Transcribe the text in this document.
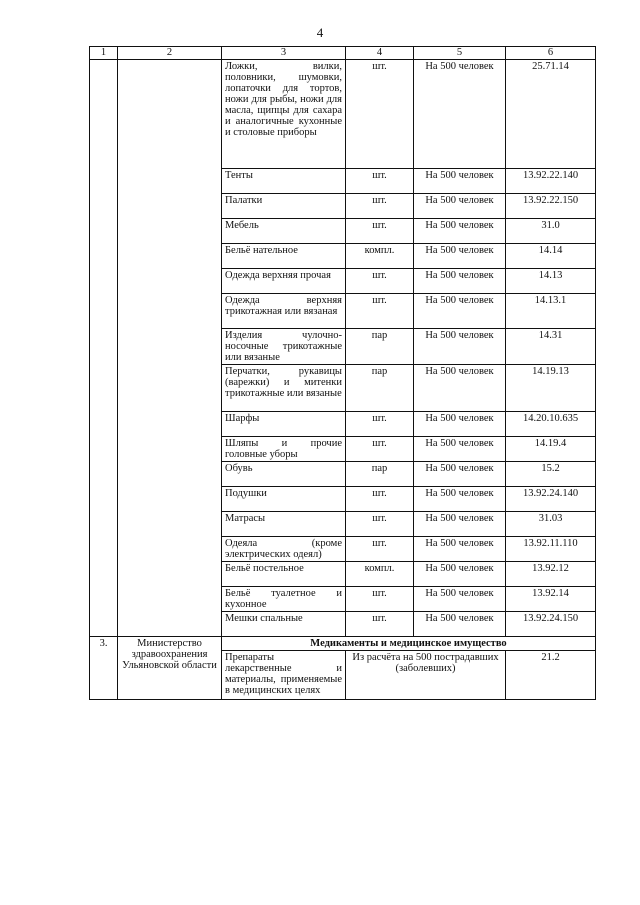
4
1	2	3	4	5	6
		Ложки, вилки, половники, шумовки, лопаточки для тортов, ножи для рыбы, ножи для масла, щипцы для сахара и аналогичные кухонные и столовые приборы	шт.	На 500 человек	25.71.14
		Тенты	шт.	На 500 человек	13.92.22.140
		Палатки	шт.	На 500 человек	13.92.22.150
		Мебель	шт.	На 500 человек	31.0
		Бельё нательное	компл.	На 500 человек	14.14
		Одежда верхняя прочая	шт.	На 500 человек	14.13
		Одежда верхняя трикотажная или вязаная	шт.	На 500 человек	14.13.1
		Изделия чулочно-носочные трикотажные или вязаные	пар	На 500 человек	14.31
		Перчатки, рукавицы (варежки) и митенки трикотажные или вязаные	пар	На 500 человек	14.19.13
		Шарфы	шт.	На 500 человек	14.20.10.635
		Шляпы и прочие головные уборы	шт.	На 500 человек	14.19.4
		Обувь	пар	На 500 человек	15.2
		Подушки	шт.	На 500 человек	13.92.24.140
		Матрасы	шт.	На 500 человек	31.03
		Одеяла (кроме электрических одеял)	шт.	На 500 человек	13.92.11.110
		Бельё постельное	компл.	На 500 человек	13.92.12
		Бельё туалетное и кухонное	шт.	На 500 человек	13.92.14
		Мешки спальные	шт.	На 500 человек	13.92.24.150
3.	Министерство здравоохранения Ульяновской области	Медикаменты и медицинское имущество			
		Препараты лекарственные и материалы, применяемые в медицинских целях	Из расчёта на 500 пострадавших (заболевших)		21.2
